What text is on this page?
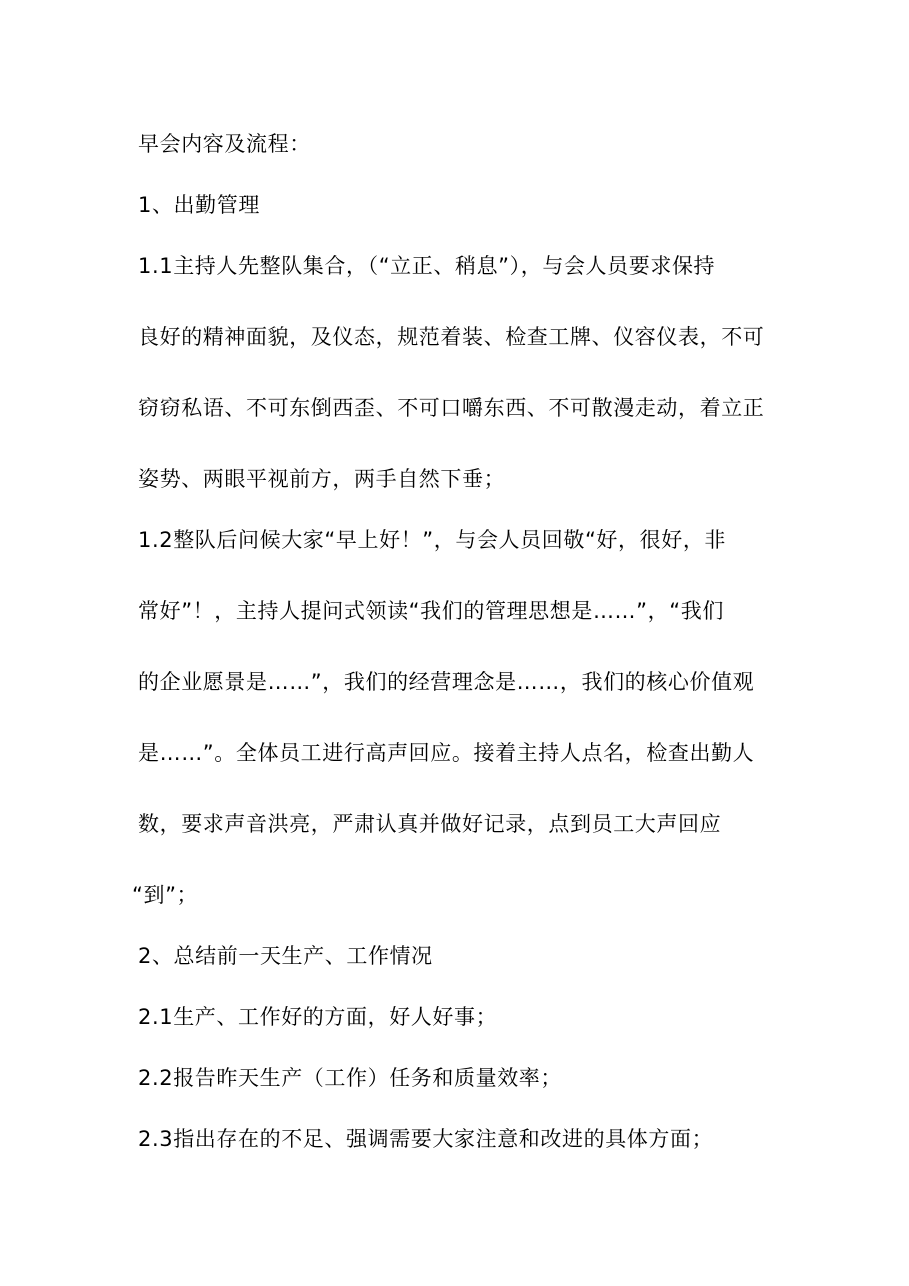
早会内容及流程：
1、出勤管理
1.1主持人先整队集合，（“立正、稍息”），与会人员要求保持
良好的精神面貌，及仪态，规范着装、检查工牌、仪容仪表，不可
窃窃私语、不可东倒西歪、不可口嚼东西、不可散漫走动，着立正
姿势、两眼平视前方，两手自然下垂；
1.2整队后问候大家“早上好！”，与会人员回敬“好，很好，非
常好”！，主持人提问式领读“我们的管理思想是……”，“我们
的企业愿景是……”，我们的经营理念是……，我们的核心价值观
是……”。全体员工进行高声回应。接着主持人点名，检查出勤人
数，要求声音洪亮，严肃认真并做好记录，点到员工大声回应
“到”；
2、总结前一天生产、工作情况
2.1生产、工作好的方面，好人好事；
2.2报告昨天生产（工作）任务和质量效率；
2.3指出存在的不足、强调需要大家注意和改进的具体方面；
